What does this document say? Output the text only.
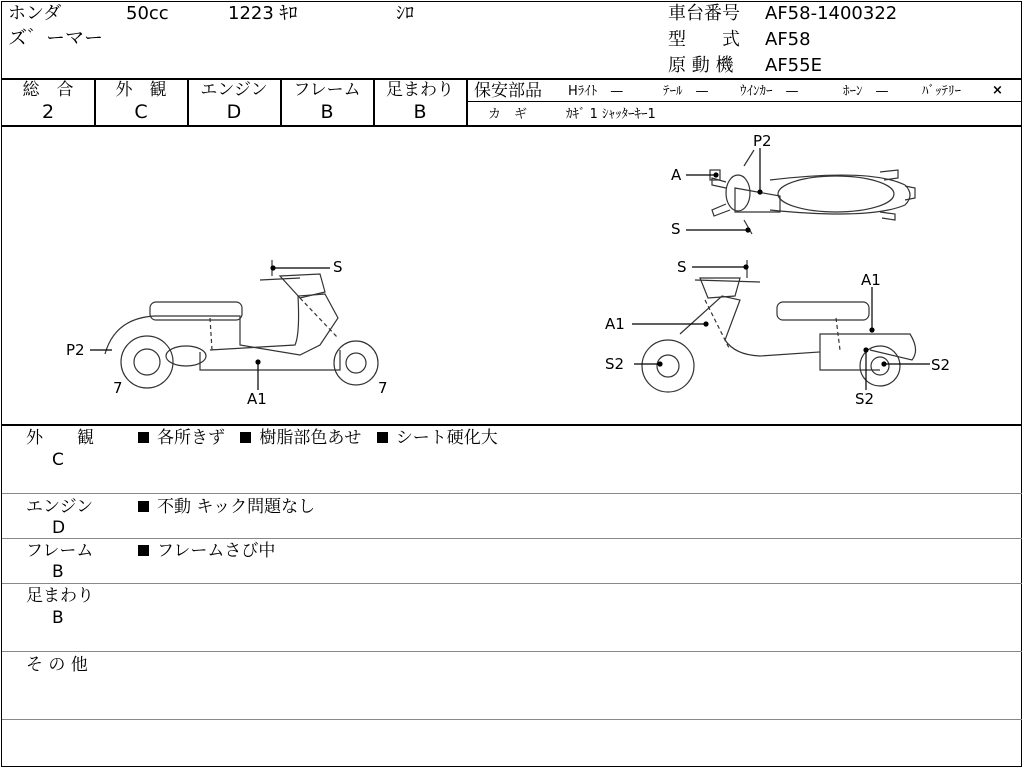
ホンダ	50cc	1223 ｷﾛ	ｼﾛ
ズ゛ーマー
車台番号 AF58-1400322
型　　式 AF58
原 動 機 AF55E
総　合
2
外　観
C
エンジン
D
フレーム
B
足まわり
B
保安部品 Hﾗｲﾄ　—	ﾃｰﾙ　— ｳｲﾝｶｰ　—	ﾎｰﾝ　—	ﾊﾞｯﾃﾘｰ ×
カ　ギ	ｶｷﾞ 1 ｼｬｯﾀｰｷｰ1
P2
A
S
S
P2
7
A1
7
S
A1
A1
S2	S2
S2
外　　観
C
各所きず 樹脂部色あせ シート硬化大
エンジン
D
不動 キック問題なし
フレーム
B
フレームさび中
足まわり
B
そ の 他
